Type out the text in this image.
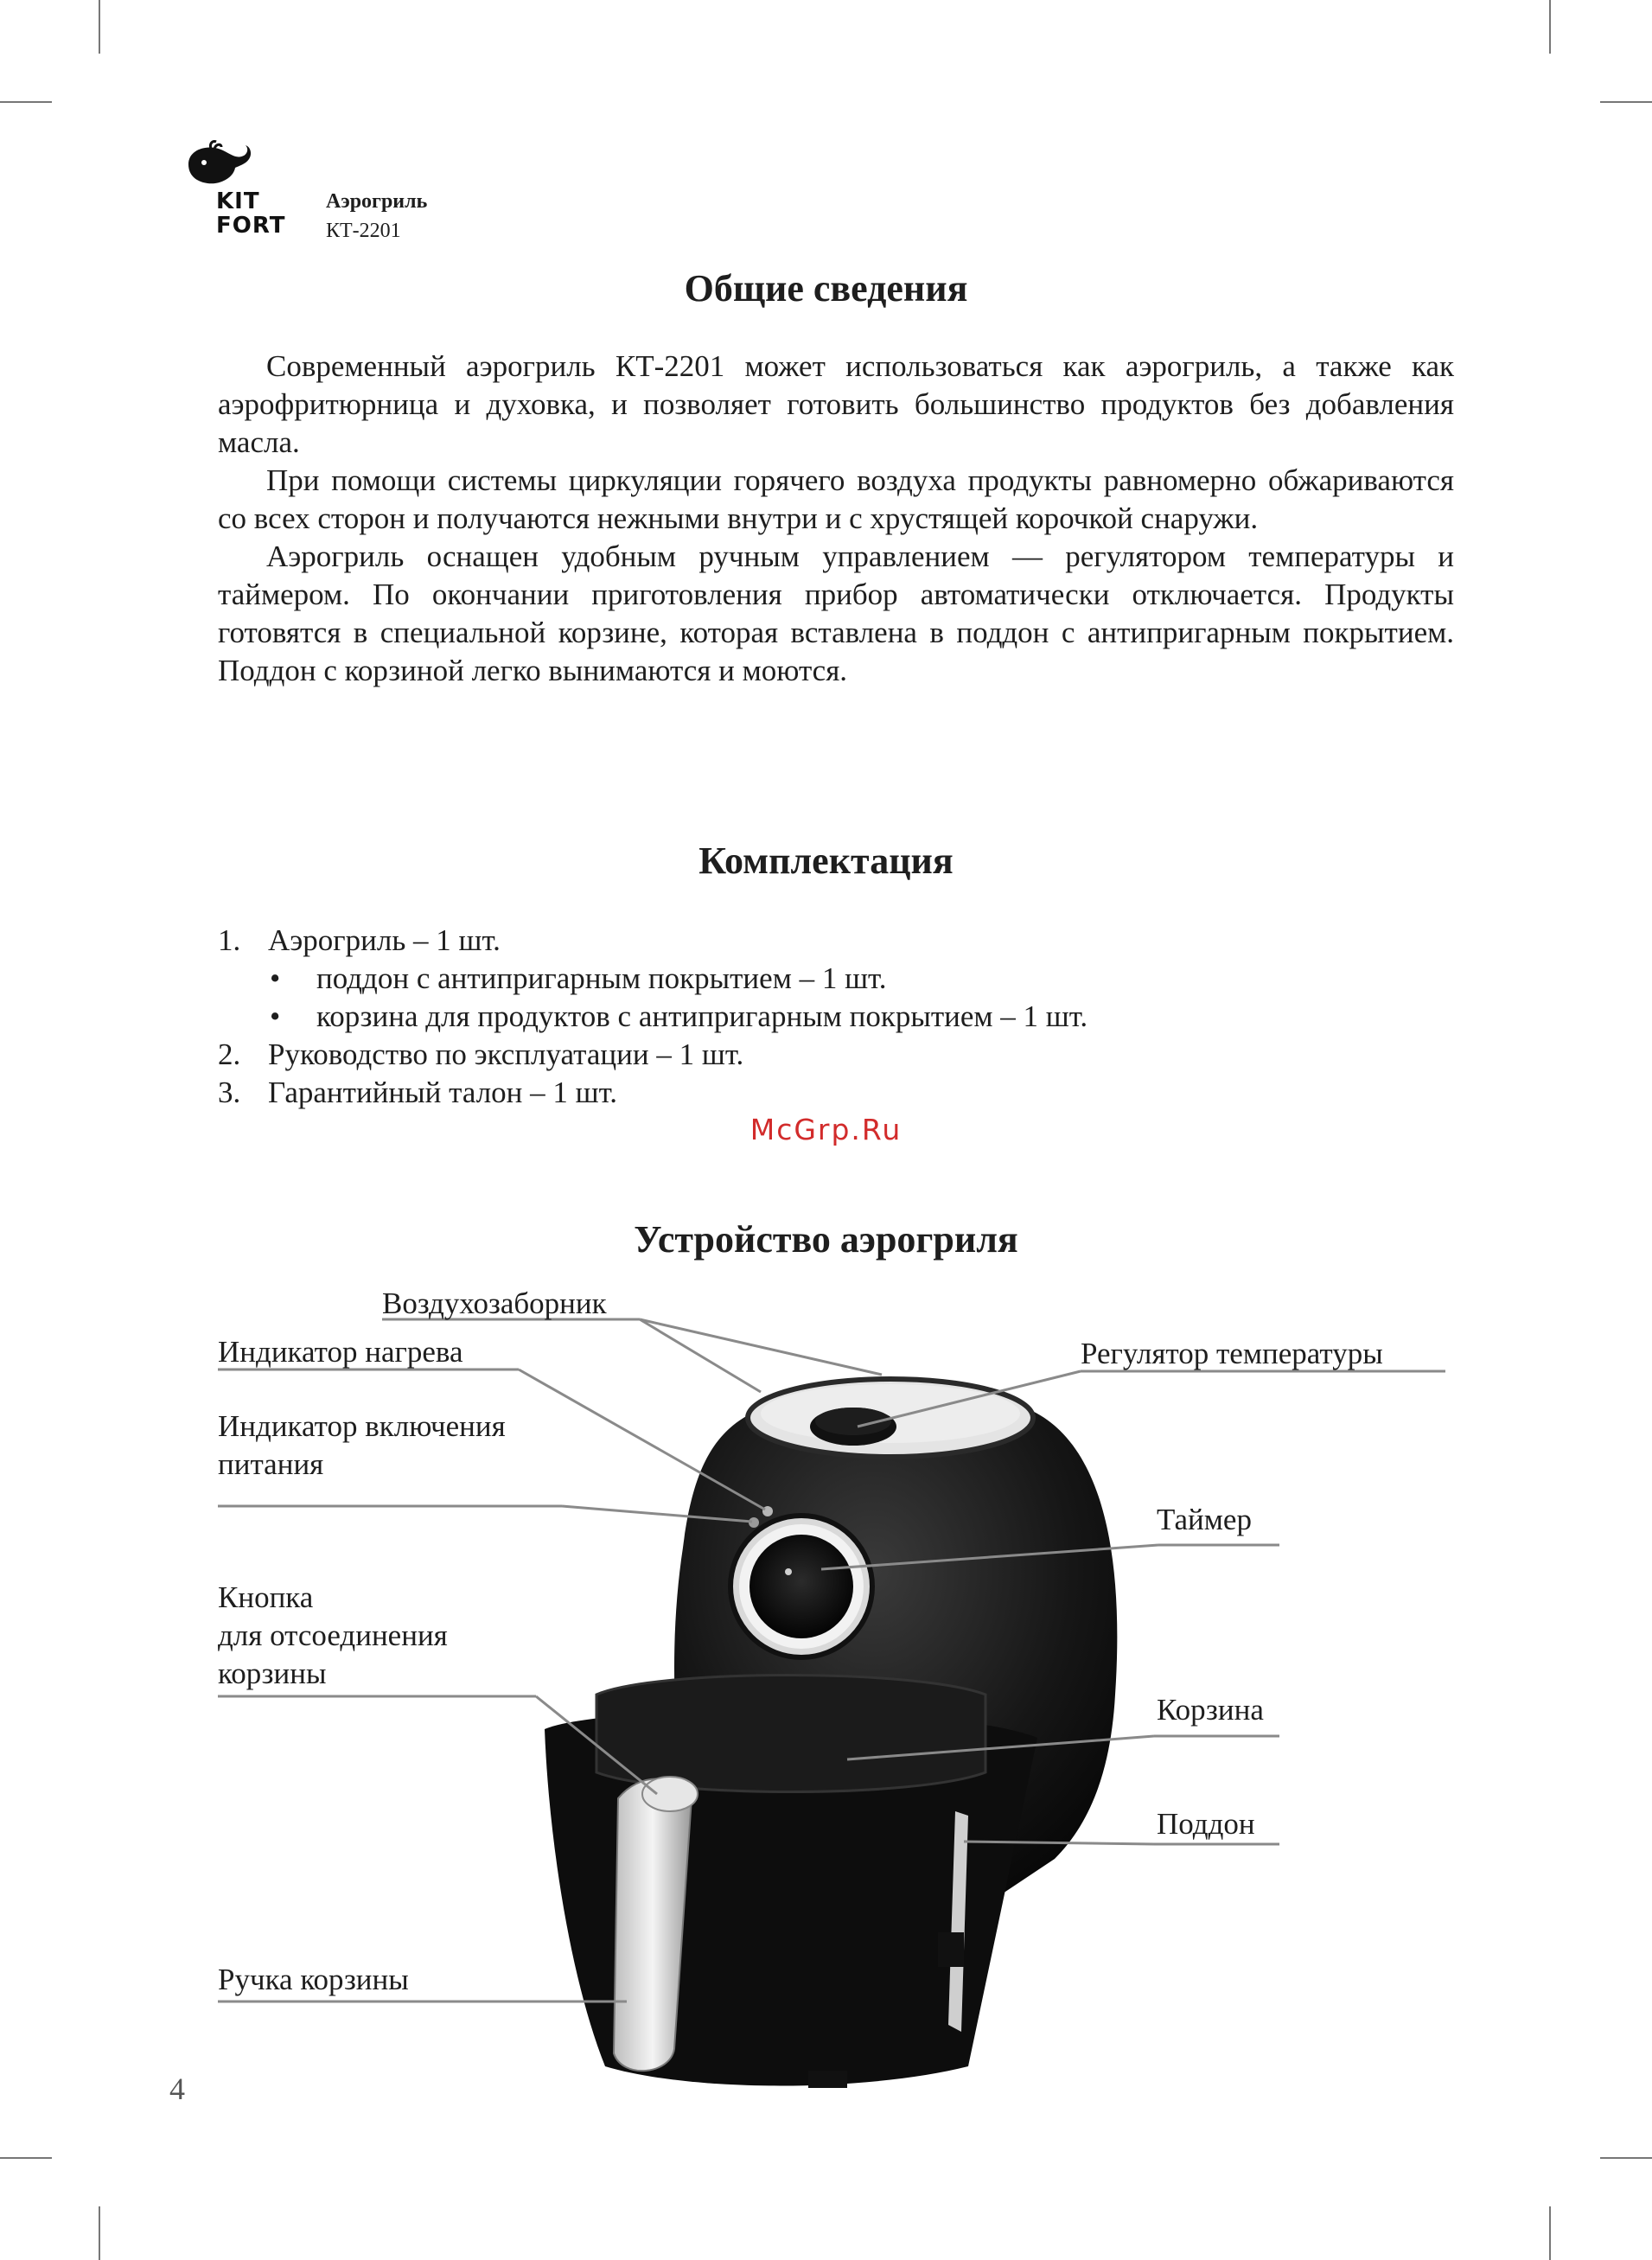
KIT
FORT
Аэрогриль
КТ-2201
Общие сведения

Современный аэрогриль КТ-2201 может использоваться как аэрогриль, а также как аэрофритюрница и духовка, и позволяет готовить большинство продуктов без добавления масла.

При помощи системы циркуляции горячего воздуха продукты равномерно обжариваются со всех сторон и получаются нежными внутри и с хрустящей корочкой снаружи.

Аэрогриль оснащен удобным ручным управлением — регулятором температуры и таймером. По окончании приготовления прибор автоматически отключается. Продукты готовятся в специальной корзине, которая вставлена в поддон с антипригарным покрытием. Поддон с корзиной легко вынимаются и моются.

Комплектация
1. Аэрогриль – 1 шт.
• поддон с антипригарным покрытием – 1 шт.
• корзина для продуктов с антипригарным покрытием – 1 шт.
2. Руководство по эксплуатации – 1 шт.
3. Гарантийный талон – 1 шт.
McGrp.Ru
Устройство аэрогриля
Воздухозаборник
Индикатор нагрева
Индикатор включения
питания
Кнопка
для отсоединения
корзины
Ручка корзины
Регулятор температуры
Таймер
Корзина
Поддон
4
